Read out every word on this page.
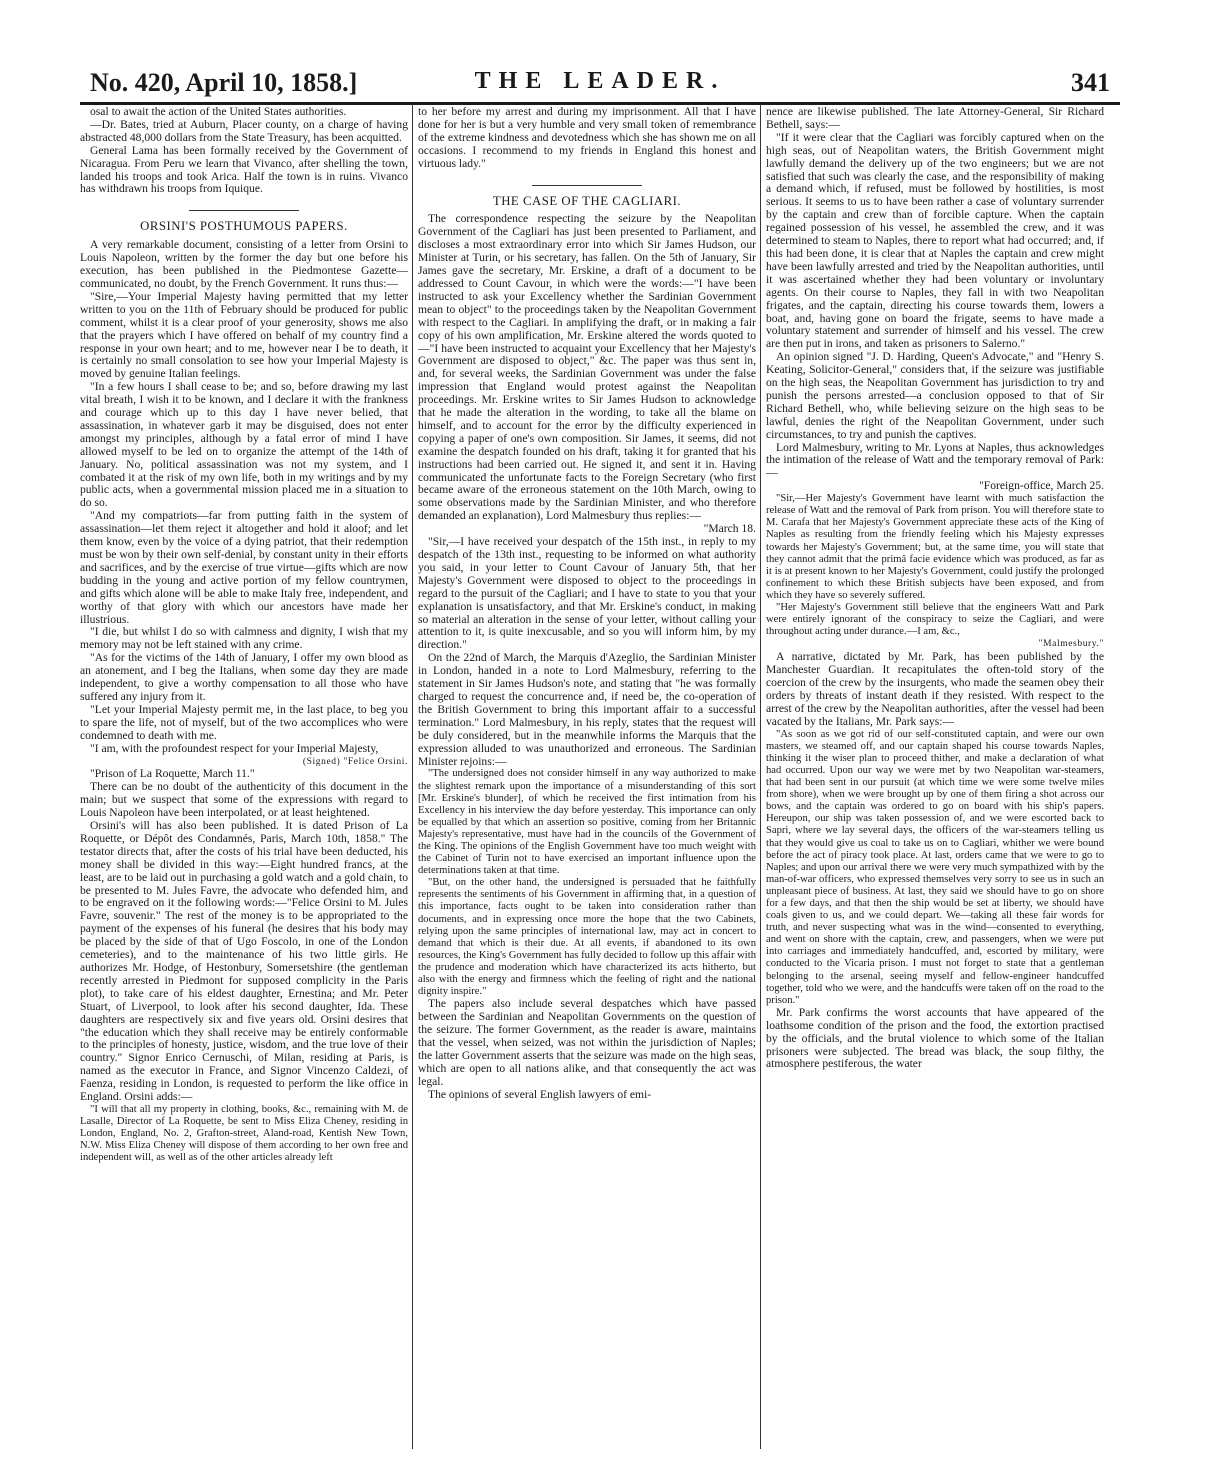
No. 420, April 10, 1858.]	THE LEADER.	341

osal to await the action of the United States authorities.

—Dr. Bates, tried at Auburn, Placer county, on a charge of having abstracted 48,000 dollars from the State Treasury, has been acquitted.

General Lama has been formally received by the Government of Nicaragua. From Peru we learn that Vivanco, after shelling the town, landed his troops and took Arica. Half the town is in ruins. Vivanco has withdrawn his troops from Iquique.

ORSINI'S POSTHUMOUS PAPERS.

A very remarkable document, consisting of a letter from Orsini to Louis Napoleon, written by the former the day but one before his execution, has been published in the Piedmontese Gazette—communicated, no doubt, by the French Government. It runs thus:—

"Sire,—Your Imperial Majesty having permitted that my letter written to you on the 11th of February should be produced for public comment, whilst it is a clear proof of your generosity, shows me also that the prayers which I have offered on behalf of my country find a response in your own heart; and to me, however near I be to death, it is certainly no small consolation to see how your Imperial Majesty is moved by genuine Italian feelings.

"In a few hours I shall cease to be; and so, before drawing my last vital breath, I wish it to be known, and I declare it with the frankness and courage which up to this day I have never belied, that assassination, in whatever garb it may be disguised, does not enter amongst my principles, although by a fatal error of mind I have allowed myself to be led on to organize the attempt of the 14th of January. No, political assassination was not my system, and I combated it at the risk of my own life, both in my writings and by my public acts, when a governmental mission placed me in a situation to do so.

"And my compatriots—far from putting faith in the system of assassination—let them reject it altogether and hold it aloof; and let them know, even by the voice of a dying patriot, that their redemption must be won by their own self-denial, by constant unity in their efforts and sacrifices, and by the exercise of true virtue—gifts which are now budding in the young and active portion of my fellow countrymen, and gifts which alone will be able to make Italy free, independent, and worthy of that glory with which our ancestors have made her illustrious.

"I die, but whilst I do so with calmness and dignity, I wish that my memory may not be left stained with any crime.

"As for the victims of the 14th of January, I offer my own blood as an atonement, and I beg the Italians, when some day they are made independent, to give a worthy compensation to all those who have suffered any injury from it.

"Let your Imperial Majesty permit me, in the last place, to beg you to spare the life, not of myself, but of the two accomplices who were condemned to death with me.

"I am, with the profoundest respect for your Imperial Majesty,

(Signed) "Felice Orsini.

"Prison of La Roquette, March 11."

There can be no doubt of the authenticity of this document in the main; but we suspect that some of the expressions with regard to Louis Napoleon have been interpolated, or at least heightened.

Orsini's will has also been published. It is dated Prison of La Roquette, or Dépôt des Condamnés, Paris, March 10th, 1858." The testator directs that, after the costs of his trial have been deducted, his money shall be divided in this way:—Eight hundred francs, at the least, are to be laid out in purchasing a gold watch and a gold chain, to be presented to M. Jules Favre, the advocate who defended him, and to be engraved on it the following words:—"Felice Orsini to M. Jules Favre, souvenir." The rest of the money is to be appropriated to the payment of the expenses of his funeral (he desires that his body may be placed by the side of that of Ugo Foscolo, in one of the London cemeteries), and to the maintenance of his two little girls. He authorizes Mr. Hodge, of Hestonbury, Somersetshire (the gentleman recently arrested in Piedmont for supposed complicity in the Paris plot), to take care of his eldest daughter, Ernestina; and Mr. Peter Stuart, of Liverpool, to look after his second daughter, Ida. These daughters are respectively six and five years old. Orsini desires that "the education which they shall receive may be entirely conformable to the principles of honesty, justice, wisdom, and the true love of their country." Signor Enrico Cernuschi, of Milan, residing at Paris, is named as the executor in France, and Signor Vincenzo Caldezi, of Faenza, residing in London, is requested to perform the like office in England. Orsini adds:—

"I will that all my property in clothing, books, &c., remaining with M. de Lasalle, Director of La Roquette, be sent to Miss Eliza Cheney, residing in London, England, No. 2, Grafton-street, Aland-road, Kentish New Town, N.W. Miss Eliza Cheney will dispose of them according to her own free and independent will, as well as of the other articles already left

to her before my arrest and during my imprisonment. All that I have done for her is but a very humble and very small token of remembrance of the extreme kindness and devotedness which she has shown me on all occasions. I recommend to my friends in England this honest and virtuous lady."

THE CASE OF THE CAGLIARI.

The correspondence respecting the seizure by the Neapolitan Government of the Cagliari has just been presented to Parliament, and discloses a most extraordinary error into which Sir James Hudson, our Minister at Turin, or his secretary, has fallen. On the 5th of January, Sir James gave the secretary, Mr. Erskine, a draft of a document to be addressed to Count Cavour, in which were the words:—"I have been instructed to ask your Excellency whether the Sardinian Government mean to object" to the proceedings taken by the Neapolitan Government with respect to the Cagliari. In amplifying the draft, or in making a fair copy of his own amplification, Mr. Erskine altered the words quoted to—"I have been instructed to acquaint your Excellency that her Majesty's Government are disposed to object," &c. The paper was thus sent in, and, for several weeks, the Sardinian Government was under the false impression that England would protest against the Neapolitan proceedings. Mr. Erskine writes to Sir James Hudson to acknowledge that he made the alteration in the wording, to take all the blame on himself, and to account for the error by the difficulty experienced in copying a paper of one's own composition. Sir James, it seems, did not examine the despatch founded on his draft, taking it for granted that his instructions had been carried out. He signed it, and sent it in. Having communicated the unfortunate facts to the Foreign Secretary (who first became aware of the erroneous statement on the 10th March, owing to some observations made by the Sardinian Minister, and who therefore demanded an explanation), Lord Malmesbury thus replies:—

"March 18.

"Sir,—I have received your despatch of the 15th inst., in reply to my despatch of the 13th inst., requesting to be informed on what authority you said, in your letter to Count Cavour of January 5th, that her Majesty's Government were disposed to object to the proceedings in regard to the pursuit of the Cagliari; and I have to state to you that your explanation is unsatisfactory, and that Mr. Erskine's conduct, in making so material an alteration in the sense of your letter, without calling your attention to it, is quite inexcusable, and so you will inform him, by my direction."

On the 22nd of March, the Marquis d'Azeglio, the Sardinian Minister in London, handed in a note to Lord Malmesbury, referring to the statement in Sir James Hudson's note, and stating that "he was formally charged to request the concurrence and, if need be, the co-operation of the British Government to bring this important affair to a successful termination." Lord Malmesbury, in his reply, states that the request will be duly considered, but in the meanwhile informs the Marquis that the expression alluded to was unauthorized and erroneous. The Sardinian Minister rejoins:—

"The undersigned does not consider himself in any way authorized to make the slightest remark upon the importance of a misunderstanding of this sort [Mr. Erskine's blunder], of which he received the first intimation from his Excellency in his interview the day before yesterday. This importance can only be equalled by that which an assertion so positive, coming from her Britannic Majesty's representative, must have had in the councils of the Government of the King. The opinions of the English Government have too much weight with the Cabinet of Turin not to have exercised an important influence upon the determinations taken at that time.

"But, on the other hand, the undersigned is persuaded that he faithfully represents the sentiments of his Government in affirming that, in a question of this importance, facts ought to be taken into consideration rather than documents, and in expressing once more the hope that the two Cabinets, relying upon the same principles of international law, may act in concert to demand that which is their due. At all events, if abandoned to its own resources, the King's Government has fully decided to follow up this affair with the prudence and moderation which have characterized its acts hitherto, but also with the energy and firmness which the feeling of right and the national dignity inspire."

The papers also include several despatches which have passed between the Sardinian and Neapolitan Governments on the question of the seizure. The former Government, as the reader is aware, maintains that the vessel, when seized, was not within the jurisdiction of Naples; the latter Government asserts that the seizure was made on the high seas, which are open to all nations alike, and that consequently the act was legal.

The opinions of several English lawyers of emi-

nence are likewise published. The late Attorney-General, Sir Richard Bethell, says:—

"If it were clear that the Cagliari was forcibly captured when on the high seas, out of Neapolitan waters, the British Government might lawfully demand the delivery up of the two engineers; but we are not satisfied that such was clearly the case, and the responsibility of making a demand which, if refused, must be followed by hostilities, is most serious. It seems to us to have been rather a case of voluntary surrender by the captain and crew than of forcible capture. When the captain regained possession of his vessel, he assembled the crew, and it was determined to steam to Naples, there to report what had occurred; and, if this had been done, it is clear that at Naples the captain and crew might have been lawfully arrested and tried by the Neapolitan authorities, until it was ascertained whether they had been voluntary or involuntary agents. On their course to Naples, they fall in with two Neapolitan frigates, and the captain, directing his course towards them, lowers a boat, and, having gone on board the frigate, seems to have made a voluntary statement and surrender of himself and his vessel. The crew are then put in irons, and taken as prisoners to Salerno."

An opinion signed "J. D. Harding, Queen's Advocate," and "Henry S. Keating, Solicitor-General," considers that, if the seizure was justifiable on the high seas, the Neapolitan Government has jurisdiction to try and punish the persons arrested—a conclusion opposed to that of Sir Richard Bethell, who, while believing seizure on the high seas to be lawful, denies the right of the Neapolitan Government, under such circumstances, to try and punish the captives.

Lord Malmesbury, writing to Mr. Lyons at Naples, thus acknowledges the intimation of the release of Watt and the temporary removal of Park:—

"Foreign-office, March 25.

"Sir,—Her Majesty's Government have learnt with much satisfaction the release of Watt and the removal of Park from prison. You will therefore state to M. Carafa that her Majesty's Government appreciate these acts of the King of Naples as resulting from the friendly feeling which his Majesty expresses towards her Majesty's Government; but, at the same time, you will state that they cannot admit that the primâ facie evidence which was produced, as far as it is at present known to her Majesty's Government, could justify the prolonged confinement to which these British subjects have been exposed, and from which they have so severely suffered.

"Her Majesty's Government still believe that the engineers Watt and Park were entirely ignorant of the conspiracy to seize the Cagliari, and were throughout acting under durance.—I am, &c.,

"Malmesbury."

A narrative, dictated by Mr. Park, has been published by the Manchester Guardian. It recapitulates the often-told story of the coercion of the crew by the insurgents, who made the seamen obey their orders by threats of instant death if they resisted. With respect to the arrest of the crew by the Neapolitan authorities, after the vessel had been vacated by the Italians, Mr. Park says:—

"As soon as we got rid of our self-constituted captain, and were our own masters, we steamed off, and our captain shaped his course towards Naples, thinking it the wiser plan to proceed thither, and make a declaration of what had occurred. Upon our way we were met by two Neapolitan war-steamers, that had been sent in our pursuit (at which time we were some twelve miles from shore), when we were brought up by one of them firing a shot across our bows, and the captain was ordered to go on board with his ship's papers. Hereupon, our ship was taken possession of, and we were escorted back to Sapri, where we lay several days, the officers of the war-steamers telling us that they would give us coal to take us on to Cagliari, whither we were bound before the act of piracy took place. At last, orders came that we were to go to Naples; and upon our arrival there we were very much sympathized with by the man-of-war officers, who expressed themselves very sorry to see us in such an unpleasant piece of business. At last, they said we should have to go on shore for a few days, and that then the ship would be set at liberty, we should have coals given to us, and we could depart. We—taking all these fair words for truth, and never suspecting what was in the wind—consented to everything, and went on shore with the captain, crew, and passengers, when we were put into carriages and immediately handcuffed, and, escorted by military, were conducted to the Vicaria prison. I must not forget to state that a gentleman belonging to the arsenal, seeing myself and fellow-engineer handcuffed together, told who we were, and the handcuffs were taken off on the road to the prison."

Mr. Park confirms the worst accounts that have appeared of the loathsome condition of the prison and the food, the extortion practised by the officials, and the brutal violence to which some of the Italian prisoners were subjected. The bread was black, the soup filthy, the atmosphere pestiferous, the water
